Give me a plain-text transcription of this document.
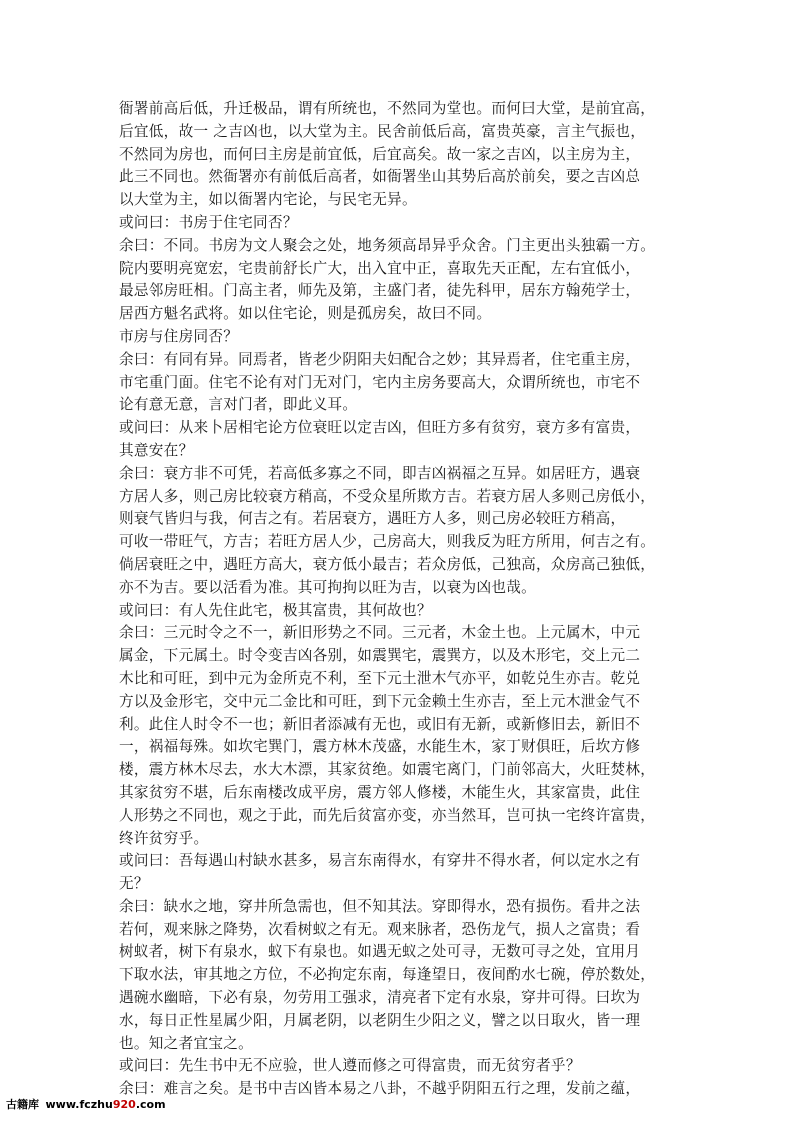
衙署前高后低，升迁极品，谓有所统也，不然同为堂也。而何曰大堂，是前宜高，
后宜低，故一 之吉凶也，以大堂为主。民舍前低后高，富贵英豪，言主气振也，
不然同为房也，而何曰主房是前宜低，后宜高矣。故一家之吉凶，以主房为主，
此三不同也。然衙署亦有前低后高者，如衙署坐山其势后高於前矣，要之吉凶总
以大堂为主，如以衙署内宅论，与民宅无异。
或问曰：书房于住宅同否？
余曰：不同。书房为文人聚会之处，地务须高昂异乎众舍。门主更出头独霸一方。
院内要明亮宽宏，宅贵前舒长广大，出入宜中正，喜取先天正配，左右宜低小，
最忌邻房旺相。门高主者，师先及第，主盛门者，徒先科甲，居东方翰苑学士，
居西方魁名武将。如以住宅论，则是孤房矣，故曰不同。
市房与住房同否？
余曰：有同有异。同焉者，皆老少阴阳夫妇配合之妙；其异焉者，住宅重主房，
市宅重门面。住宅不论有对门无对门，宅内主房务要高大，众谓所统也，市宅不
论有意无意，言对门者，即此义耳。
或问曰：从来卜居相宅论方位衰旺以定吉凶，但旺方多有贫穷，衰方多有富贵，
其意安在？
余曰：衰方非不可凭，若高低多寡之不同，即吉凶祸福之互异。如居旺方，遇衰
方居人多，则己房比较衰方稍高，不受众星所欺方吉。若衰方居人多则己房低小，
则衰气皆归与我，何吉之有。若居衰方，遇旺方人多，则己房必较旺方稍高，
可收一带旺气，方吉；若旺方居人少，己房高大，则我反为旺方所用，何吉之有。
倘居衰旺之中，遇旺方高大，衰方低小最吉；若众房低，己独高，众房高己独低，
亦不为吉。要以活看为准。其可拘拘以旺为吉，以衰为凶也哉。
或问曰：有人先住此宅，极其富贵，其何故也？
余曰：三元时令之不一，新旧形势之不同。三元者，木金土也。上元属木，中元
属金，下元属土。时令变吉凶各别，如震巽宅，震巽方，以及木形宅，交上元二
木比和可旺，到中元为金所克不利，至下元土泄木气亦平，如乾兑生亦吉。乾兑
方以及金形宅，交中元二金比和可旺，到下元金赖土生亦吉，至上元木泄金气不
利。此住人时令不一也；新旧者添减有无也，或旧有无新，或新修旧去，新旧不
一，祸福每殊。如坎宅巽门，震方林木茂盛，水能生木，家丁财俱旺，后坎方修
楼，震方林木尽去，水大木漂，其家贫绝。如震宅离门，门前邻高大，火旺焚林，
其家贫穷不堪，后东南楼改成平房，震方邻人修楼，木能生火，其家富贵，此住
人形势之不同也，观之于此，而先后贫富亦变，亦当然耳，岂可执一宅终许富贵，
终许贫穷乎。
或问曰：吾每遇山村缺水甚多，易言东南得水，有穿井不得水者，何以定水之有
无？
余曰：缺水之地，穿井所急需也，但不知其法。穿即得水，恐有损伤。看井之法
若何，观来脉之降势，次看树蚁之有无。观来脉者，恐伤龙气，损人之富贵；看
树蚁者，树下有泉水，蚁下有泉也。如遇无蚁之处可寻，无数可寻之处，宜用月
下取水法，审其地之方位，不必拘定东南，每逢望日，夜间酌水七碗，停於数处，
遇碗水幽暗，下必有泉，勿劳用工强求，清亮者下定有水泉，穿井可得。曰坎为
水，每日正性星属少阳，月属老阴，以老阴生少阳之义，譬之以日取火，皆一理
也。知之者宜宝之。
或问曰：先生书中无不应验，世人遵而修之可得富贵，而无贫穷者乎？
余曰：难言之矣。是书中吉凶皆本易之八卦，不越乎阴阳五行之理，发前之蕴，
古籍库 www.fczhu920.com
